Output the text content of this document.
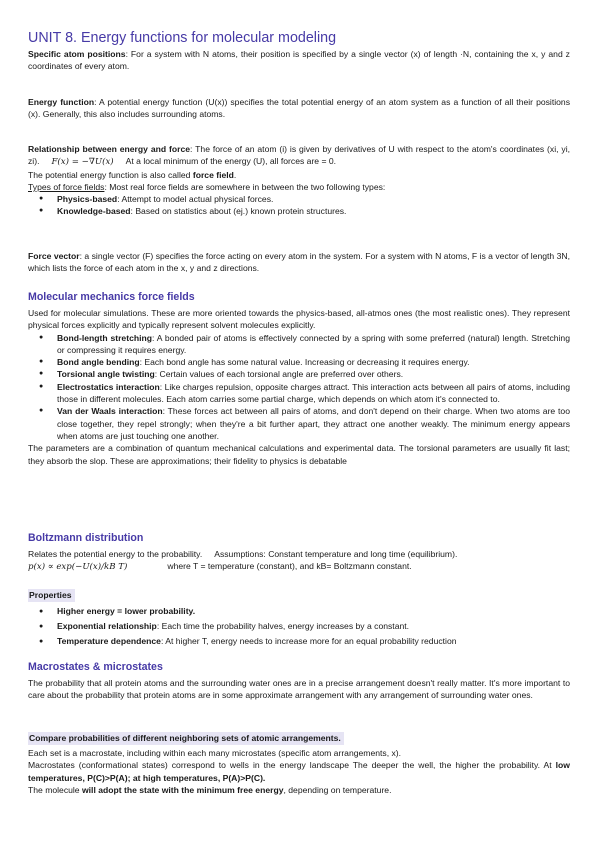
UNIT 8. Energy functions for molecular modeling

Specific atom positions: For a system with N atoms, their position is specified by a single vector (x) of length ·N, containing the x, y and z coordinates of every atom.

Energy function: A potential energy function (U(x)) specifies the total potential energy of an atom system as a function of all their positions (x). Generally, this also includes surrounding atoms.

Relationship between energy and force: The force of an atom (i) is given by derivatives of U with respect to the atom's coordinates (xi, yi, zi). F(x) = −∇U(x) At a local minimum of the energy (U), all forces are = 0.

The potential energy function is also called force field.

Types of force fields: Most real force fields are somewhere in between the two following types:

● Physics-based: Attempt to model actual physical forces.
● Knowledge-based: Based on statistics about (ej.) known protein structures.

Force vector: a single vector (F) specifies the force acting on every atom in the system. For a system with N atoms, F is a vector of length 3N, which lists the force of each atom in the x, y and z directions.

Molecular mechanics force fields

Used for molecular simulations. These are more oriented towards the physics-based, all-atmos ones (the most realistic ones). They represent physical forces explicitly and typically represent solvent molecules explicitly.

● Bond-length stretching: A bonded pair of atoms is effectively connected by a spring with some preferred (natural) length. Stretching or compressing it requires energy.
● Bond angle bending: Each bond angle has some natural value. Increasing or decreasing it requires energy.
● Torsional angle twisting: Certain values of each torsional angle are preferred over others.
● Electrostatics interaction: Like charges repulsion, opposite charges attract. This interaction acts between all pairs of atoms, including those in different molecules. Each atom carries some partial charge, which depends on which atom it's connected to.
● Van der Waals interaction: These forces act between all pairs of atoms, and don't depend on their charge. When two atoms are too close together, they repel strongly; when they're a bit further apart, they attract one another weakly. The minimum energy appears when atoms are just touching one another.

The parameters are a combination of quantum mechanical calculations and experimental data. The torsional parameters are usually fit last; they absorb the slop. These are approximations; their fidelity to physics is debatable

Boltzmann distribution

Relates the potential energy to the probability. Assumptions: Constant temperature and long time (equilibrium).

p(x) ∝ exp(−U(x)/kB T)	where T = temperature (constant), and kB= Boltzmann constant.

Properties
● Higher energy = lower probability.
● Exponential relationship: Each time the probability halves, energy increases by a constant.
● Temperature dependence: At higher T, energy needs to increase more for an equal probability reduction
Macrostates & microstates

The probability that all protein atoms and the surrounding water ones are in a precise arrangement doesn't really matter. It's more important to care about the probability that protein atoms are in some approximate arrangement with any arrangement of surrounding water ones.

Compare probabilities of different neighboring sets of atomic arrangements.

Each set is a macrostate, including within each many microstates (specific atom arrangements, x).

Macrostates (conformational states) correspond to wells in the energy landscape The deeper the well, the higher the probability. At low temperatures, P(C)>P(A); at high temperatures, P(A)>P(C).

The molecule will adopt the state with the minimum free energy, depending on temperature.
